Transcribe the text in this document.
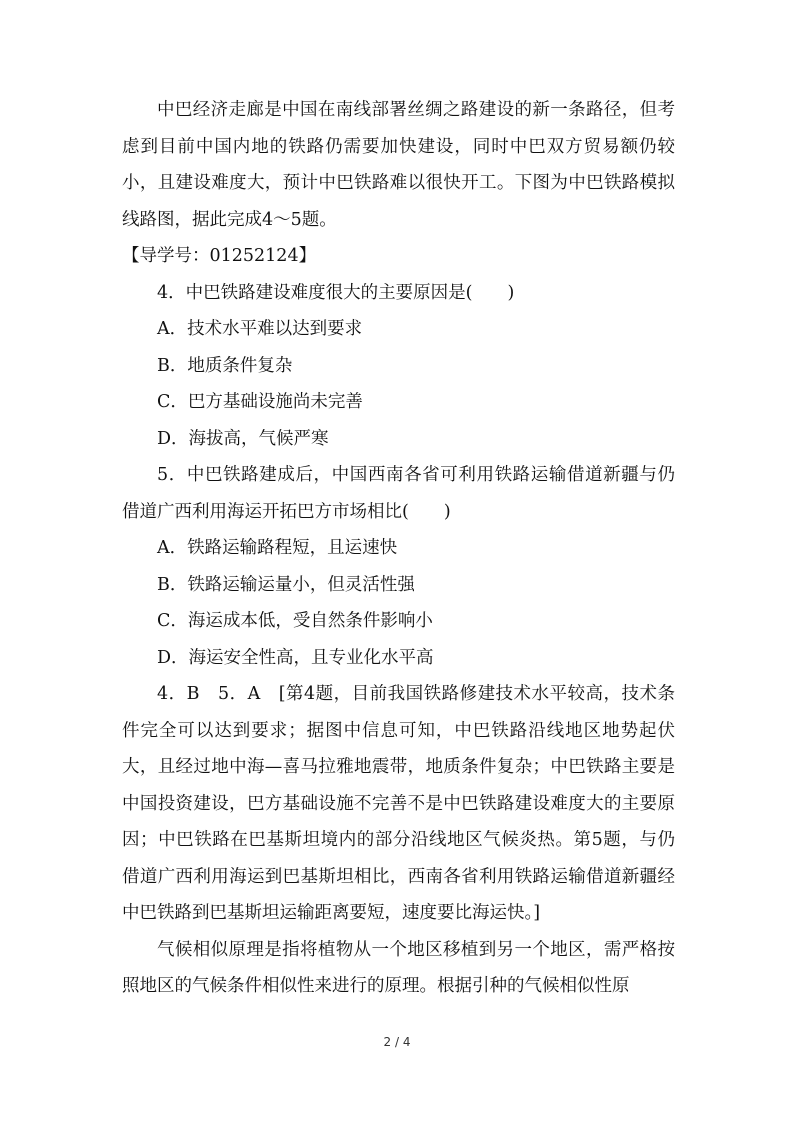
中巴经济走廊是中国在南线部署丝绸之路建设的新一条路径，但考虑到目前中国内地的铁路仍需要加快建设，同时中巴双方贸易额仍较小，且建设难度大，预计中巴铁路难以很快开工。下图为中巴铁路模拟线路图，据此完成4～5题。

【导学号：01252124】

4．中巴铁路建设难度很大的主要原因是(　　)

A．技术水平难以达到要求

B．地质条件复杂

C．巴方基础设施尚未完善

D．海拔高，气候严寒

5．中巴铁路建成后，中国西南各省可利用铁路运输借道新疆与仍借道广西利用海运开拓巴方市场相比(　　)

A．铁路运输路程短，且运速快

B．铁路运输运量小，但灵活性强

C．海运成本低，受自然条件影响小

D．海运安全性高，且专业化水平高

4．B　5．A　[第4题，目前我国铁路修建技术水平较高，技术条件完全可以达到要求；据图中信息可知，中巴铁路沿线地区地势起伏大，且经过地中海—喜马拉雅地震带，地质条件复杂；中巴铁路主要是中国投资建设，巴方基础设施不完善不是中巴铁路建设难度大的主要原因；中巴铁路在巴基斯坦境内的部分沿线地区气候炎热。第5题，与仍借道广西利用海运到巴基斯坦相比，西南各省利用铁路运输借道新疆经中巴铁路到巴基斯坦运输距离要短，速度要比海运快。]

气候相似原理是指将植物从一个地区移植到另一个地区，需严格按照地区的气候条件相似性来进行的原理。根据引种的气候相似性原

2 / 4
